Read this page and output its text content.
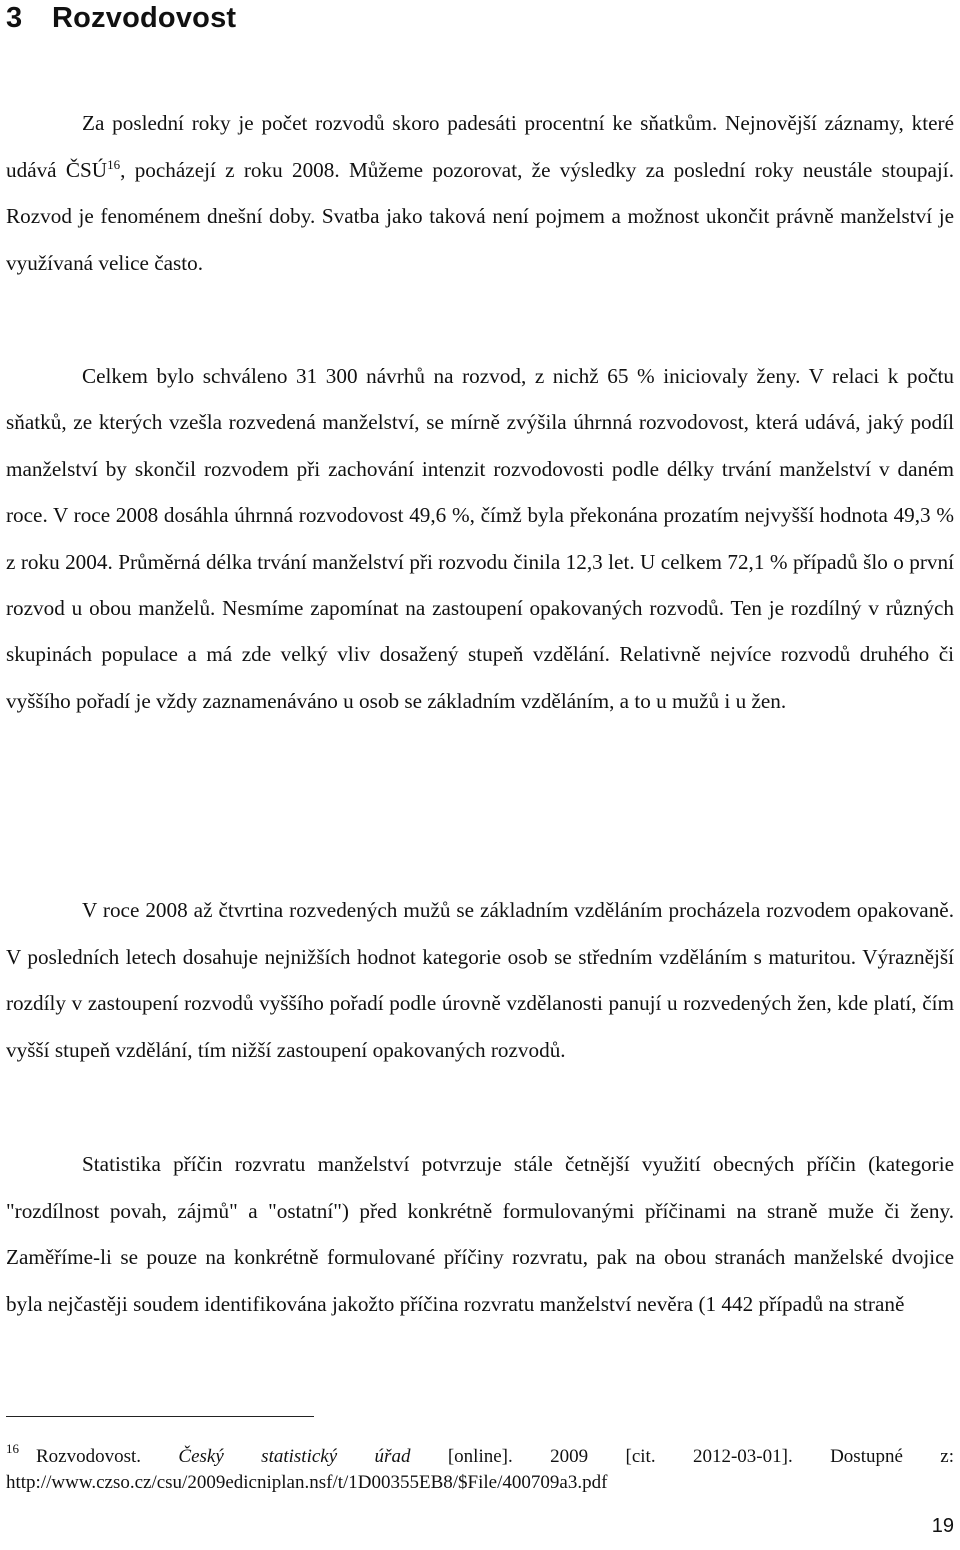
3 Rozvodovost

Za poslední roky je počet rozvodů skoro padesáti procentní ke sňatkům. Nejnovější záznamy, které udává ČSÚ$^{16}$, pocházejí z roku 2008. Můžeme pozorovat, že výsledky za poslední roky neustále stoupají. Rozvod je fenoménem dnešní doby. Svatba jako taková není pojmem a možnost ukončit právně manželství je využívaná velice často.

Celkem bylo schváleno 31 300 návrhů na rozvod, z nichž 65 % iniciovaly ženy. V relaci k počtu sňatků, ze kterých vzešla rozvedená manželství, se mírně zvýšila úhrnná rozvodovost, která udává, jaký podíl manželství by skončil rozvodem při zachování intenzit rozvodovosti podle délky trvání manželství v daném roce. V roce 2008 dosáhla úhrnná rozvodovost 49,6 %, čímž byla překonána prozatím nejvyšší hodnota 49,3 % z roku 2004. Průměrná délka trvání manželství při rozvodu činila 12,3 let. U celkem 72,1 % případů šlo o první rozvod u obou manželů. Nesmíme zapomínat na zastoupení opakovaných rozvodů. Ten je rozdílný v různých skupinách populace a má zde velký vliv dosažený stupeň vzdělání. Relativně nejvíce rozvodů druhého či vyššího pořadí je vždy zaznamenáváno u osob se základním vzděláním, a to u mužů i u žen.

V roce 2008 až čtvrtina rozvedených mužů se základním vzděláním procházela rozvodem opakovaně. V posledních letech dosahuje nejnižších hodnot kategorie osob se středním vzděláním s maturitou. Výraznější rozdíly v zastoupení rozvodů vyššího pořadí podle úrovně vzdělanosti panují u rozvedených žen, kde platí, čím vyšší stupeň vzdělání, tím nižší zastoupení opakovaných rozvodů.

Statistika příčin rozvratu manželství potvrzuje stále četnější využití obecných příčin (kategorie "rozdílnost povah, zájmů" a "ostatní") před konkrétně formulovanými příčinami na straně muže či ženy. Zaměříme-li se pouze na konkrétně formulované příčiny rozvratu, pak na obou stranách manželské dvojice byla nejčastěji soudem identifikována jakožto příčina rozvratu manželství nevěra (1 442 případů na straně

16 Rozvodovost. Český statistický úřad [online]. 2009 [cit. 2012-03-01]. Dostupné z: http://www.czso.cz/csu/2009edicniplan.nsf/t/1D00355EB8/$File/400709a3.pdf

19
